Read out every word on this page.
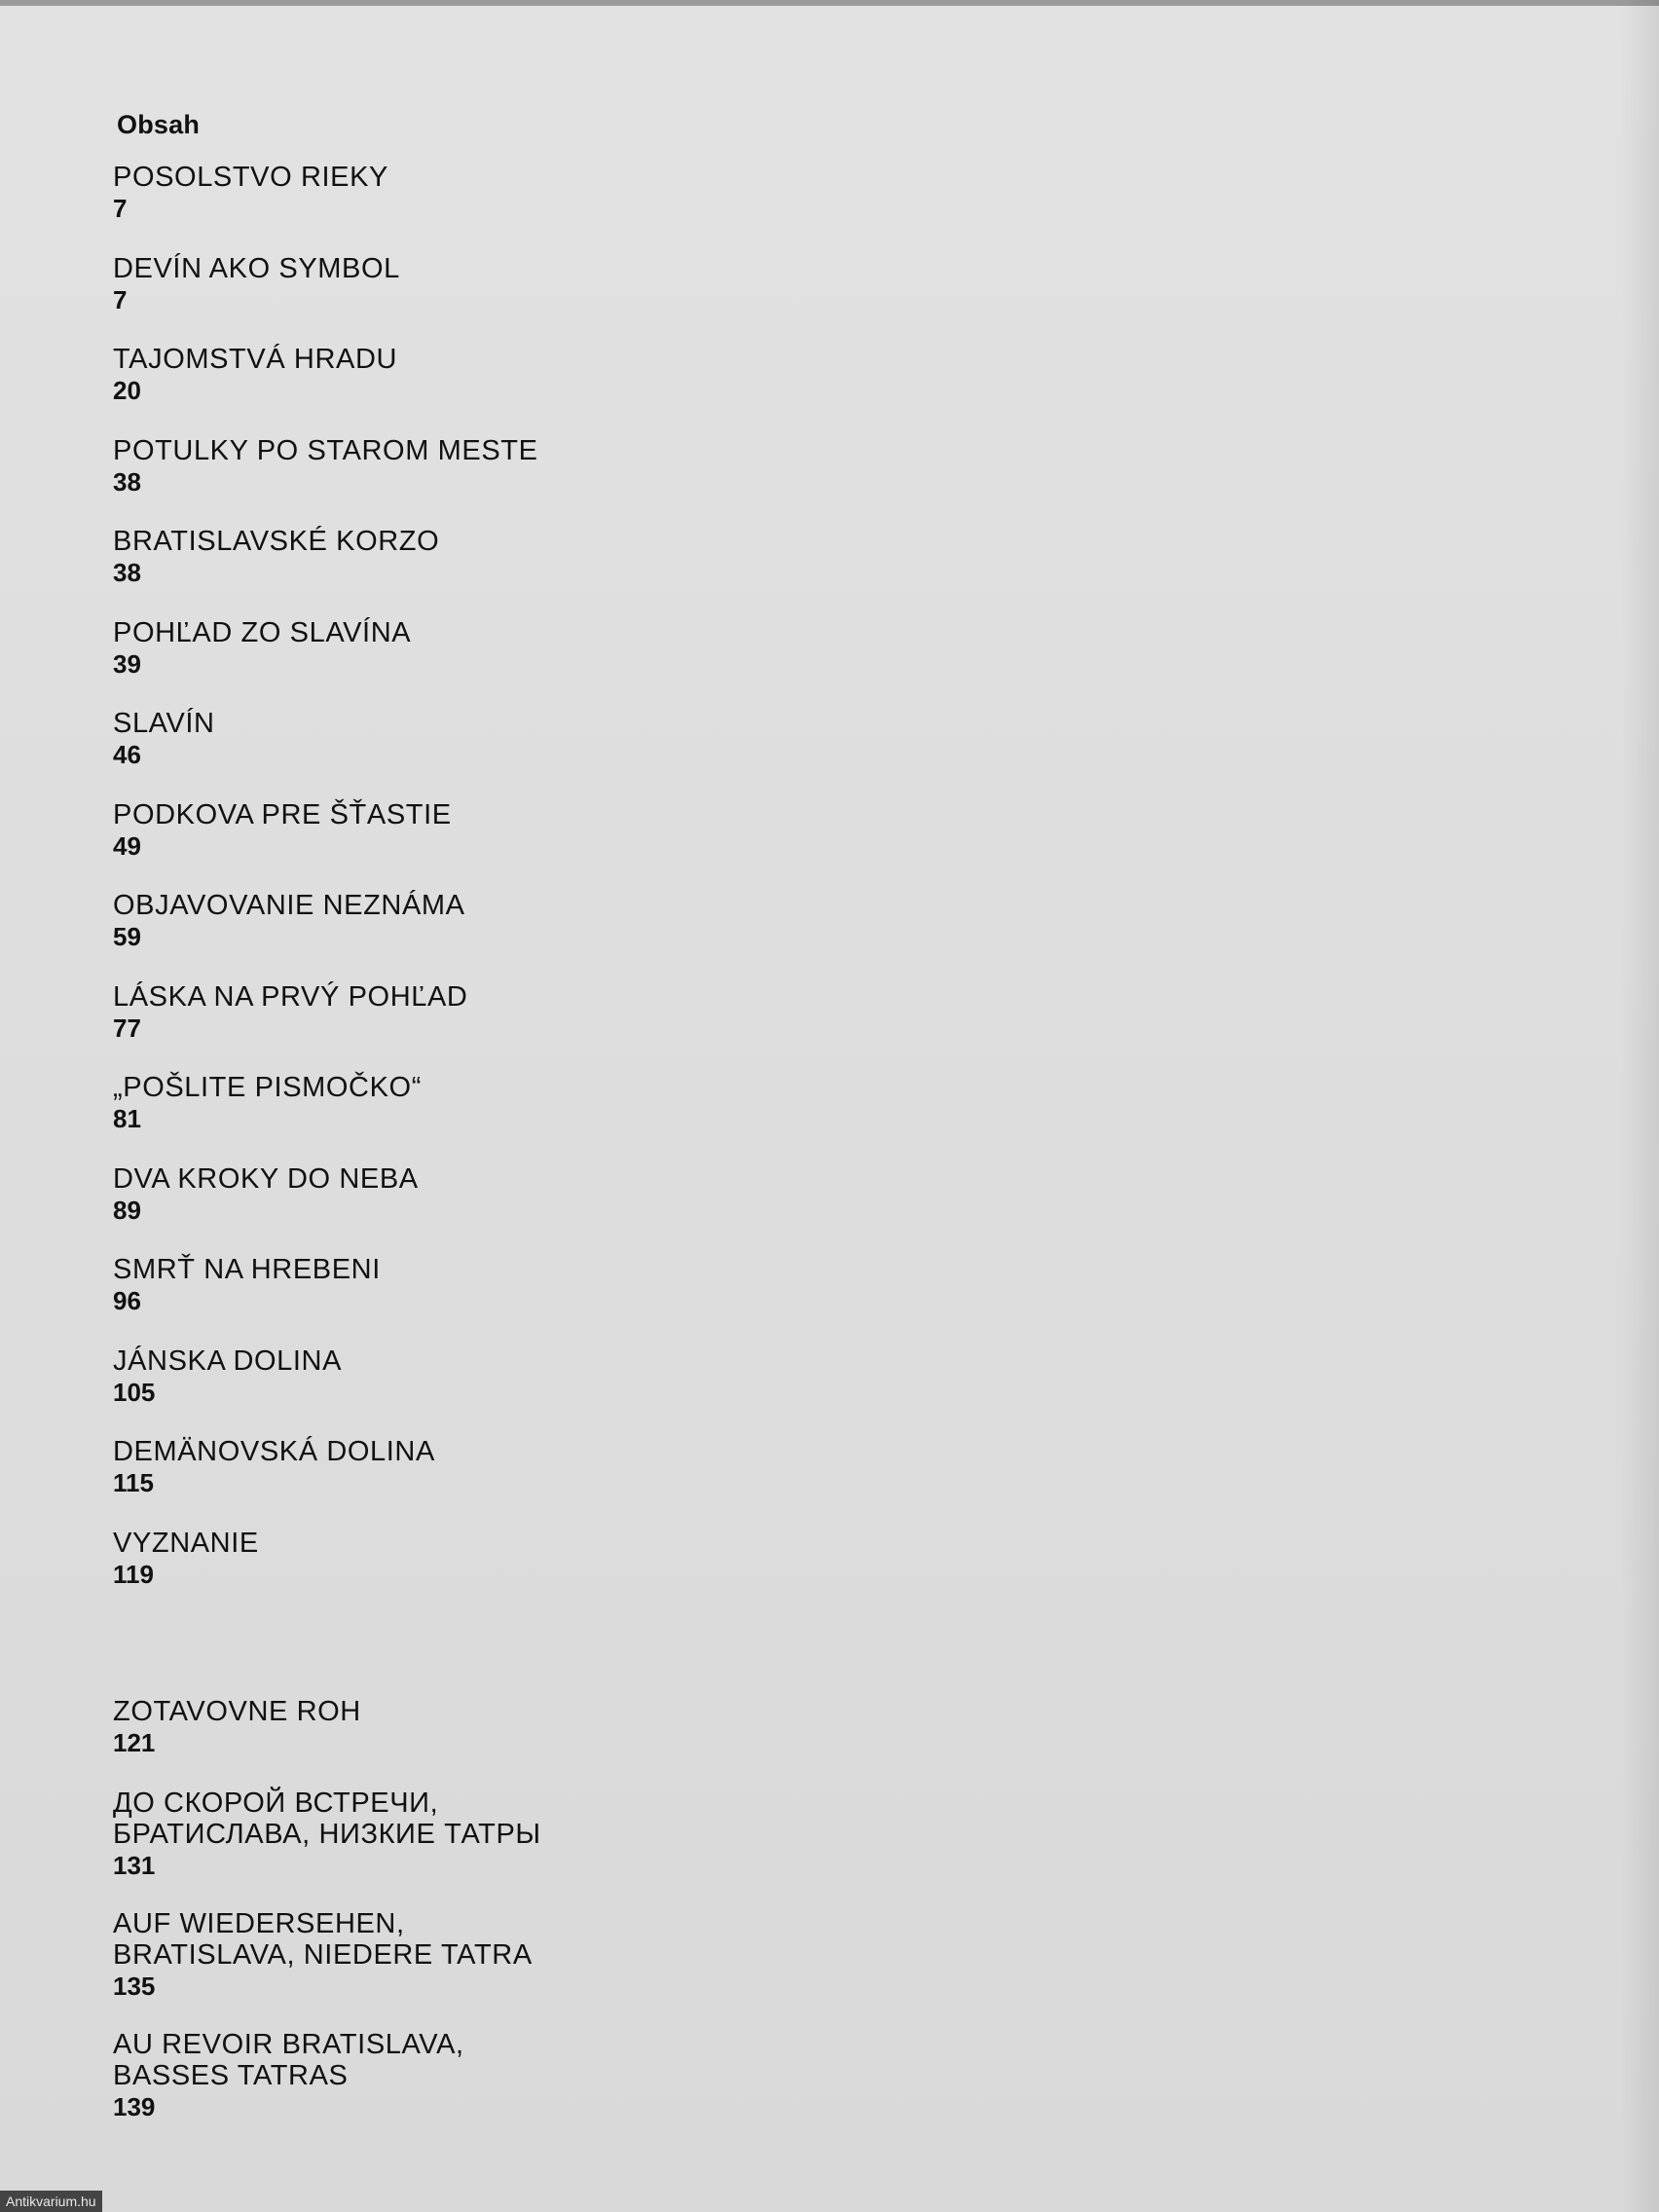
Obsah
POSOLSTVO RIEKY
7
DEVÍN AKO SYMBOL
7
TAJOMSTVÁ HRADU
20
POTULKY PO STAROM MESTE
38
BRATISLAVSKÉ KORZO
38
POHĽAD ZO SLAVÍNA
39
SLAVÍN
46
PODKOVA PRE ŠŤASTIE
49
OBJAVOVANIE NEZNÁMA
59
LÁSKA NA PRVÝ POHĽAD
77
„POŠLITE PISMOČKO“
81
DVA KROKY DO NEBA
89
SMRŤ NA HREBENI
96
JÁNSKA DOLINA
105
DEMÄNOVSKÁ DOLINA
115
VYZNANIE
119
ZOTAVOVNE ROH
121
ДО СКОРОЙ ВСТРЕЧИ,
БРАТИСЛАВА, НИЗКИЕ ТАТРЫ
131
AUF WIEDERSEHEN,
BRATISLAVA, NIEDERE TATRA
135
AU REVOIR BRATISLAVA,
BASSES TATRAS
139
Antikvarium.hu
